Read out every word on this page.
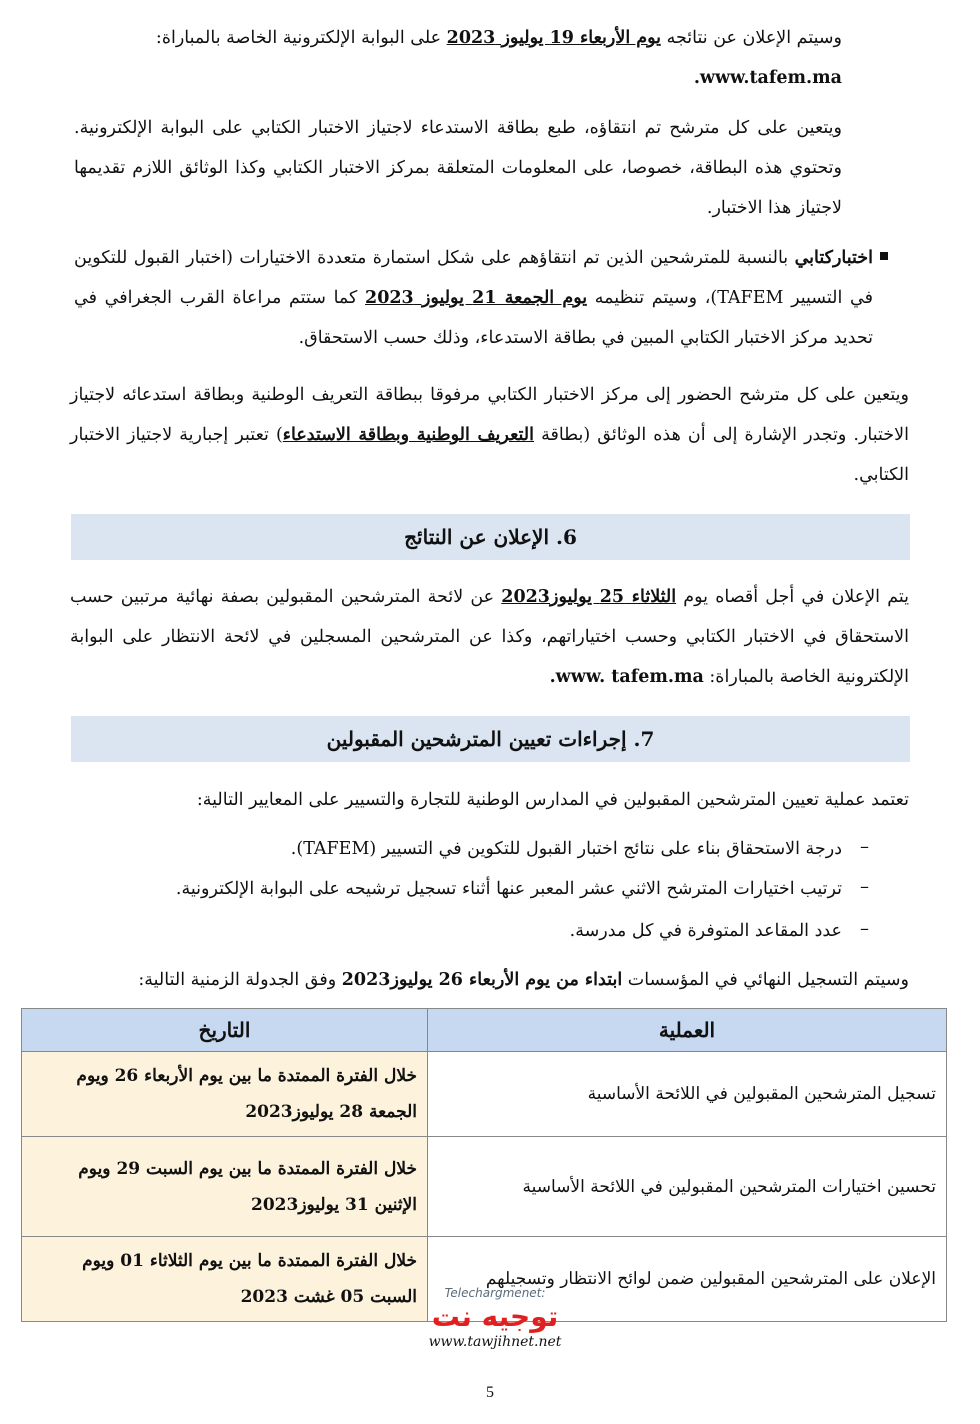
وسيتم الإعلان عن نتائجه يوم الأربعاء 19 يوليوز 2023 على البوابة الإلكترونية الخاصة بالمباراة:
www.tafem.ma.
ويتعين على كل مترشح تم انتقاؤه، طبع بطاقة الاستدعاء لاجتياز الاختبار الكتابي على البوابة الإلكترونية. وتحتوي هذه البطاقة، خصوصا، على المعلومات المتعلقة بمركز الاختبار الكتابي وكذا الوثائق اللازم تقديمها لاجتياز هذا الاختبار.
اختباركتابي بالنسبة للمترشحين الذين تم انتقاؤهم على شكل استمارة متعددة الاختيارات (اختبار القبول للتكوين في التسيير TAFEM)، وسيتم تنظيمه يوم الجمعة 21 يوليوز 2023 كما ستتم مراعاة القرب الجغرافي في تحديد مركز الاختبار الكتابي المبين في بطاقة الاستدعاء، وذلك حسب الاستحقاق.
ويتعين على كل مترشح الحضور إلى مركز الاختبار الكتابي مرفوقا ببطاقة التعريف الوطنية وبطاقة استدعائه لاجتياز الاختبار. وتجدر الإشارة إلى أن هذه الوثائق (بطاقة التعريف الوطنية وبطاقة الاستدعاء) تعتبر إجبارية لاجتياز الاختبار الكتابي.
6. الإعلان عن النتائج
يتم الإعلان في أجل أقصاه يوم الثلاثاء 25 يوليوز2023 عن لائحة المترشحين المقبولين بصفة نهائية مرتبين حسب الاستحقاق في الاختبار الكتابي وحسب اختياراتهم، وكذا عن المترشحين المسجلين في لائحة الانتظار على البوابة الإلكترونية الخاصة بالمباراة: www. tafem.ma.
7. إجراءات تعيين المترشحين المقبولين
تعتمد عملية تعيين المترشحين المقبولين في المدارس الوطنية للتجارة والتسيير على المعايير التالية:
–
درجة الاستحقاق بناء على نتائج اختبار القبول للتكوين في التسيير (TAFEM).
–
ترتيب اختيارات المترشح الاثني عشر المعبر عنها أثناء تسجيل ترشيحه على البوابة الإلكترونية.
–
عدد المقاعد المتوفرة في كل مدرسة.
وسيتم التسجيل النهائي في المؤسسات ابتداء من يوم الأربعاء 26 يوليوز2023 وفق الجدولة الزمنية التالية:
العملية	التاريخ
تسجيل المترشحين المقبولين في اللائحة الأساسية	خلال الفترة الممتدة ما بين يوم الأربعاء 26 ويوم الجمعة 28 يوليوز2023
تحسين اختيارات المترشحين المقبولين في اللائحة الأساسية	خلال الفترة الممتدة ما بين يوم السبت 29 ويوم الإثنين 31 يوليوز2023
الإعلان على المترشحين المقبولين ضمن لوائح الانتظار وتسجيلهم	خلال الفترة الممتدة ما بين يوم الثلاثاء 01 ويوم السبت 05 غشت 2023	Telechargmenet:
توجيه نت
www.tawjihnet.net
5
